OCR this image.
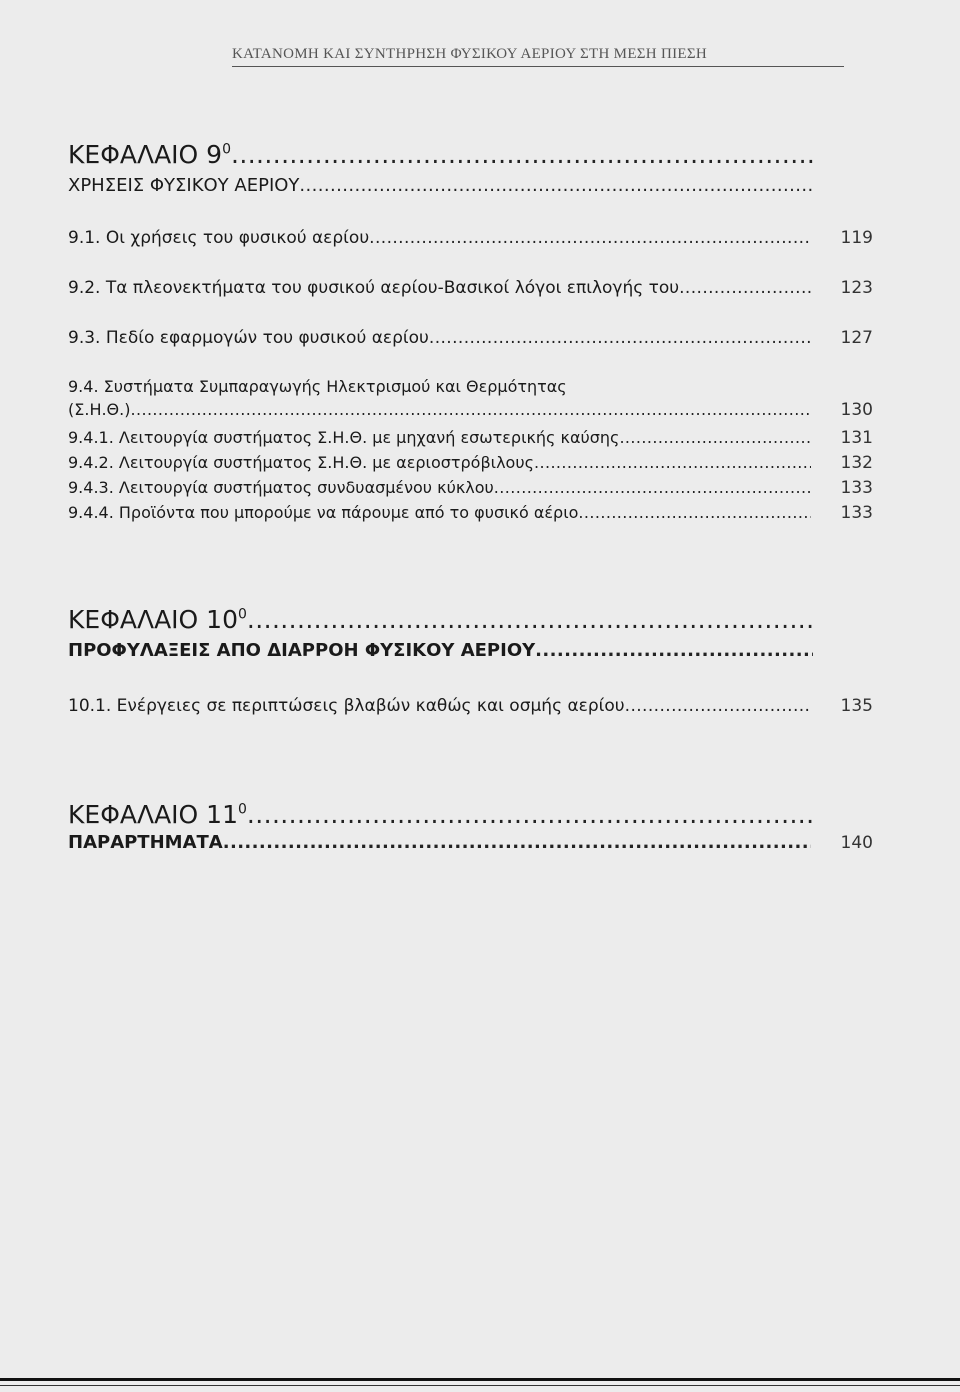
ΚΑΤΑΝΟΜΗ ΚΑΙ ΣΥΝΤΗΡΗΣΗ ΦΥΣΙΚΟΥ ΑΕΡΙΟΥ ΣΤΗ ΜΕΣΗ ΠΙΕΣΗ
ΚΕΦΑΛΑΙΟ $9^0$ .....
ΧΡΗΣΕΙΣ ΦΥΣΙΚΟΥ ΑΕΡΙΟΥ .....
9.1. Οι χρήσεις του φυσικού αερίου .....	119
9.2. Τα πλεονεκτήματα του φυσικού αερίου-Βασικοί λόγοι επιλογής του .....	123
9.3. Πεδίο εφαρμογών του φυσικού αερίου .....	127
9.4. Συστήματα Συμπαραγωγής Ηλεκτρισμού και Θερμότητας
(Σ.Η.Θ.) .....	130
9.4.1. Λειτουργία συστήματος Σ.Η.Θ. με μηχανή εσωτερικής καύσης .....	131
9.4.2. Λειτουργία συστήματος Σ.Η.Θ. με αεριοστρόβιλους .....	132
9.4.3. Λειτουργία συστήματος συνδυασμένου κύκλου .....	133
9.4.4. Προϊόντα που μπορούμε να πάρουμε από το φυσικό αέριο .....	133
ΚΕΦΑΛΑΙΟ $10^0$ .....
ΠΡΟΦΥΛΑΞΕΙΣ ΑΠΟ ΔΙΑΡΡΟΗ ΦΥΣΙΚΟΥ ΑΕΡΙΟΥ .....
10.1. Ενέργειες σε περιπτώσεις βλαβών καθώς και οσμής αερίου .....	135
ΚΕΦΑΛΑΙΟ $11^0$ .....
ΠΑΡΑΡΤΗΜΑΤΑ .....	140
